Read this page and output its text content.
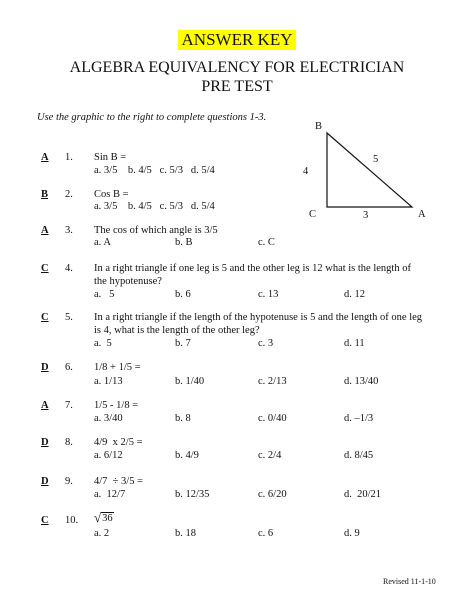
ANSWER KEY
ALGEBRA EQUIVALENCY FOR ELECTRICIAN
PRE TEST
Use the graphic to the right to complete questions 1-3.
B
C	A
4
3
5
A 1. Sin B =
a. 3/5    b. 4/5   c. 5/3   d. 5/4
B 2. Cos B =
a. 3/5    b. 4/5   c. 5/3   d. 5/4
A 3. The cos of which angle is 3/5
a. A	b. B	c. C
C 4. In a right triangle if one leg is 5 and the other leg is 12 what is the length of
the hypotenuse?
a.   5	b. 6	c. 13	d. 12
C 5. In a right triangle if the length of the hypotenuse is 5 and the length of one leg
is 4, what is the length of the other leg?
a.  5	b. 7	c. 3	d. 11
D 6. 1/8 + 1/5 =
a. 1/13	b. 1/40	c. 2/13	d. 13/40
A 7. 1/5 - 1/8 =
a. 3/40	b. 8	c. 0/40	d. –1/3
D 8. 4/9  x 2/5 =
a. 6/12	b. 4/9	c. 2/4	d. 8/45
D 9. 4/7  ÷ 3/5 =
a.  12/7	b. 12/35	c. 6/20	d.  20/21
C 10. √ 36
a. 2	b. 18	c. 6	d. 9
Revised 11-1-10
